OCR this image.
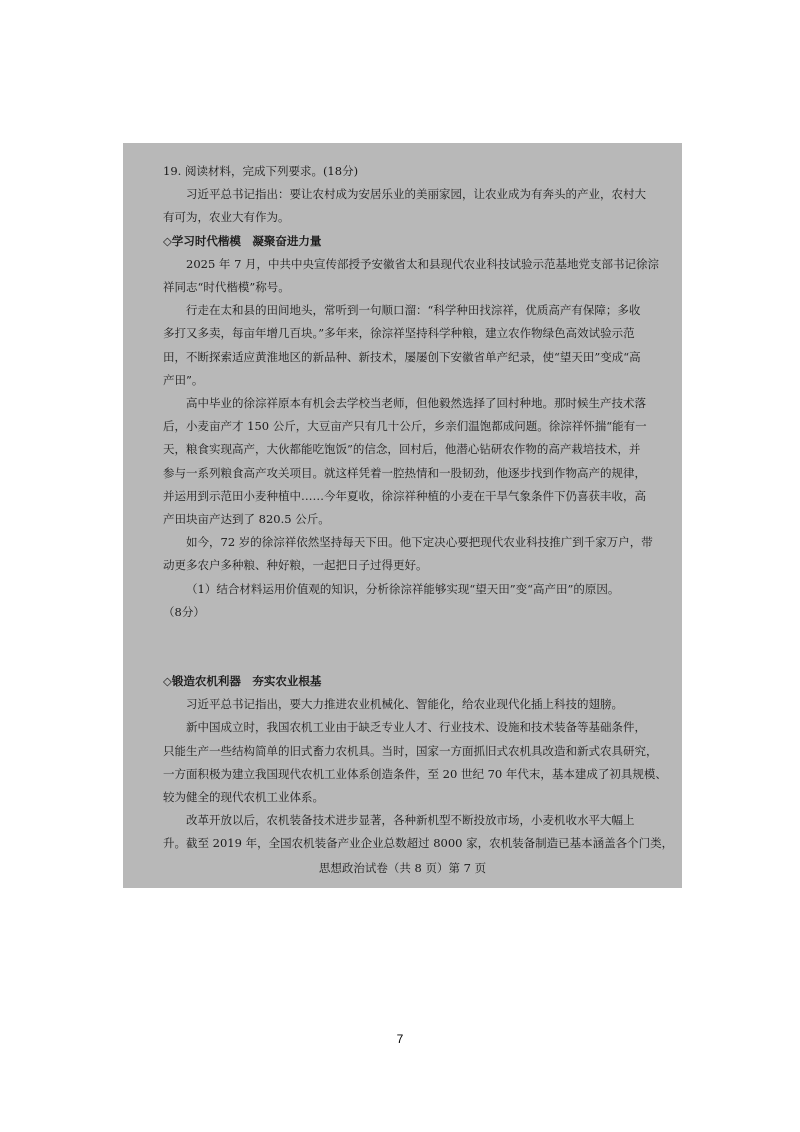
19. 阅读材料，完成下列要求。(18分)

习近平总书记指出：要让农村成为安居乐业的美丽家园，让农业成为有奔头的产业，农村大

有可为，农业大有作为。

◇学习时代楷模　凝聚奋进力量

2025 年 7 月，中共中央宣传部授予安徽省太和县现代农业科技试验示范基地党支部书记徐淙

祥同志“时代楷模”称号。

行走在太和县的田间地头，常听到一句顺口溜：“科学种田找淙祥，优质高产有保障；多收

多打又多卖，每亩年增几百块。”多年来，徐淙祥坚持科学种粮，建立农作物绿色高效试验示范

田，不断探索适应黄淮地区的新品种、新技术，屡屡创下安徽省单产纪录，使“望天田”变成“高

产田”。

高中毕业的徐淙祥原本有机会去学校当老师，但他毅然选择了回村种地。那时候生产技术落

后，小麦亩产才 150 公斤，大豆亩产只有几十公斤，乡亲们温饱都成问题。徐淙祥怀揣“能有一

天，粮食实现高产，大伙都能吃饱饭”的信念，回村后，他潜心钻研农作物的高产栽培技术，并

参与一系列粮食高产攻关项目。就这样凭着一腔热情和一股韧劲，他逐步找到作物高产的规律，

并运用到示范田小麦种植中……今年夏收，徐淙祥种植的小麦在干旱气象条件下仍喜获丰收，高

产田块亩产达到了 820.5 公斤。

如今，72 岁的徐淙祥依然坚持每天下田。他下定决心要把现代农业科技推广到千家万户，带

动更多农户多种粮、种好粮，一起把日子过得更好。

（1）结合材料运用价值观的知识，分析徐淙祥能够实现“望天田”变“高产田”的原因。

（8分）

◇锻造农机利器　夯实农业根基

习近平总书记指出，要大力推进农业机械化、智能化，给农业现代化插上科技的翅膀。

新中国成立时，我国农机工业由于缺乏专业人才、行业技术、设施和技术装备等基础条件，

只能生产一些结构简单的旧式畜力农机具。当时，国家一方面抓旧式农机具改造和新式农具研究，

一方面积极为建立我国现代农机工业体系创造条件，至 20 世纪 70 年代末，基本建成了初具规模、

较为健全的现代农机工业体系。

改革开放以后，农机装备技术进步显著，各种新机型不断投放市场，小麦机收水平大幅上

升。截至 2019 年，全国农机装备产业企业总数超过 8000 家，农机装备制造已基本涵盖各个门类，

思想政治试卷（共 8 页）第 7 页
7
